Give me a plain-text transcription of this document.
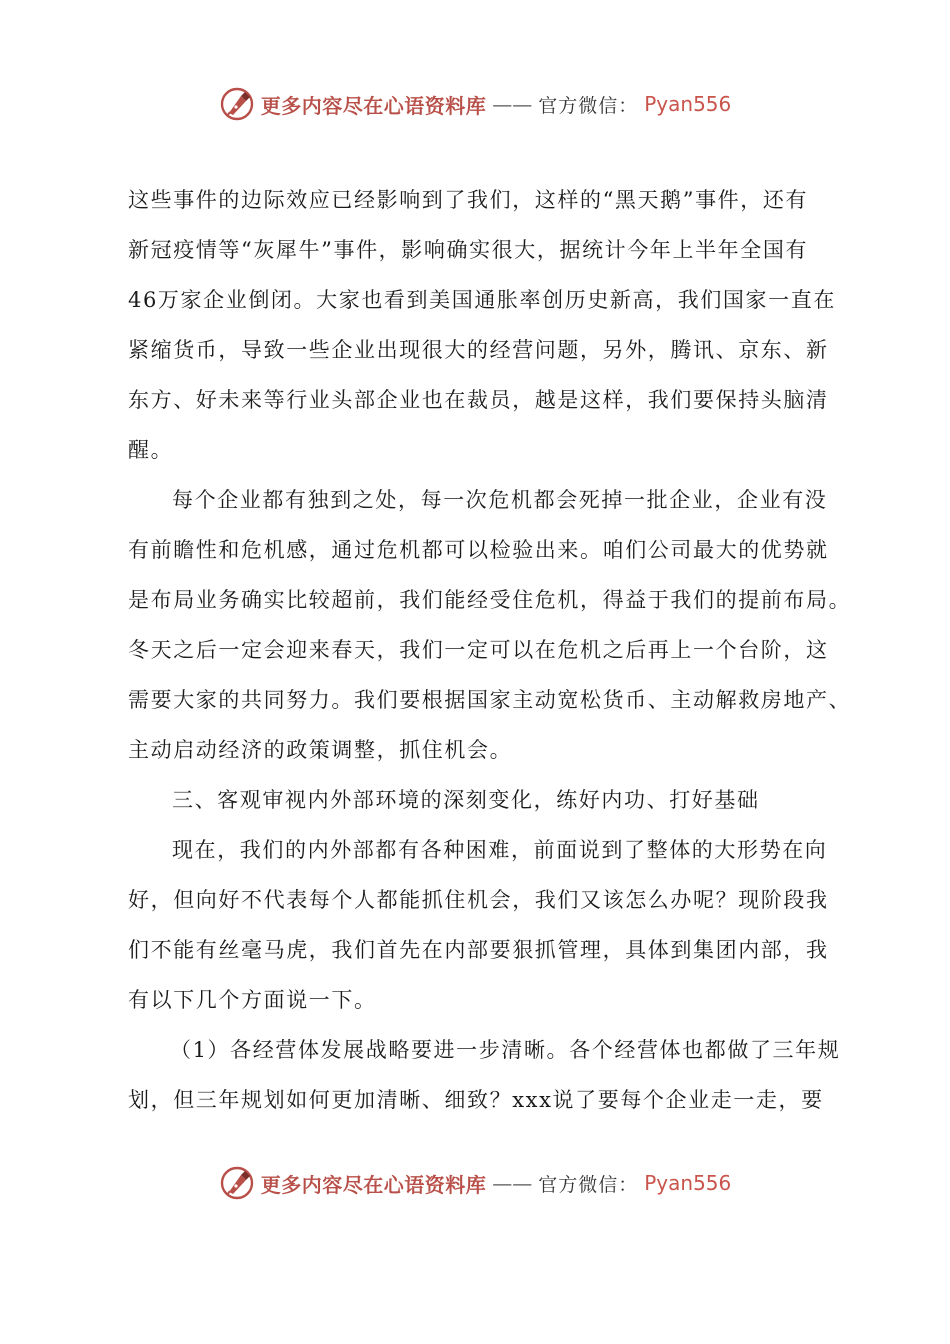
更多内容尽在心语资料库 —— 官方微信： Pyan556
这些事件的边际效应已经影响到了我们，这样的“黑天鹅”事件，还有
新冠疫情等“灰犀牛”事件，影响确实很大，据统计今年上半年全国有
46万家企业倒闭。大家也看到美国通胀率创历史新高，我们国家一直在
紧缩货币，导致一些企业出现很大的经营问题，另外，腾讯、京东、新
东方、好未来等行业头部企业也在裁员，越是这样，我们要保持头脑清
醒。
每个企业都有独到之处，每一次危机都会死掉一批企业，企业有没
有前瞻性和危机感，通过危机都可以检验出来。咱们公司最大的优势就
是布局业务确实比较超前，我们能经受住危机，得益于我们的提前布局。
冬天之后一定会迎来春天，我们一定可以在危机之后再上一个台阶，这
需要大家的共同努力。我们要根据国家主动宽松货币、主动解救房地产、
主动启动经济的政策调整，抓住机会。
三、客观审视内外部环境的深刻变化，练好内功、打好基础
现在，我们的内外部都有各种困难，前面说到了整体的大形势在向
好，但向好不代表每个人都能抓住机会，我们又该怎么办呢？现阶段我
们不能有丝毫马虎，我们首先在内部要狠抓管理，具体到集团内部，我
有以下几个方面说一下。
（1）各经营体发展战略要进一步清晰。各个经营体也都做了三年规
划，但三年规划如何更加清晰、细致？xxx说了要每个企业走一走，要
更多内容尽在心语资料库 —— 官方微信： Pyan556
